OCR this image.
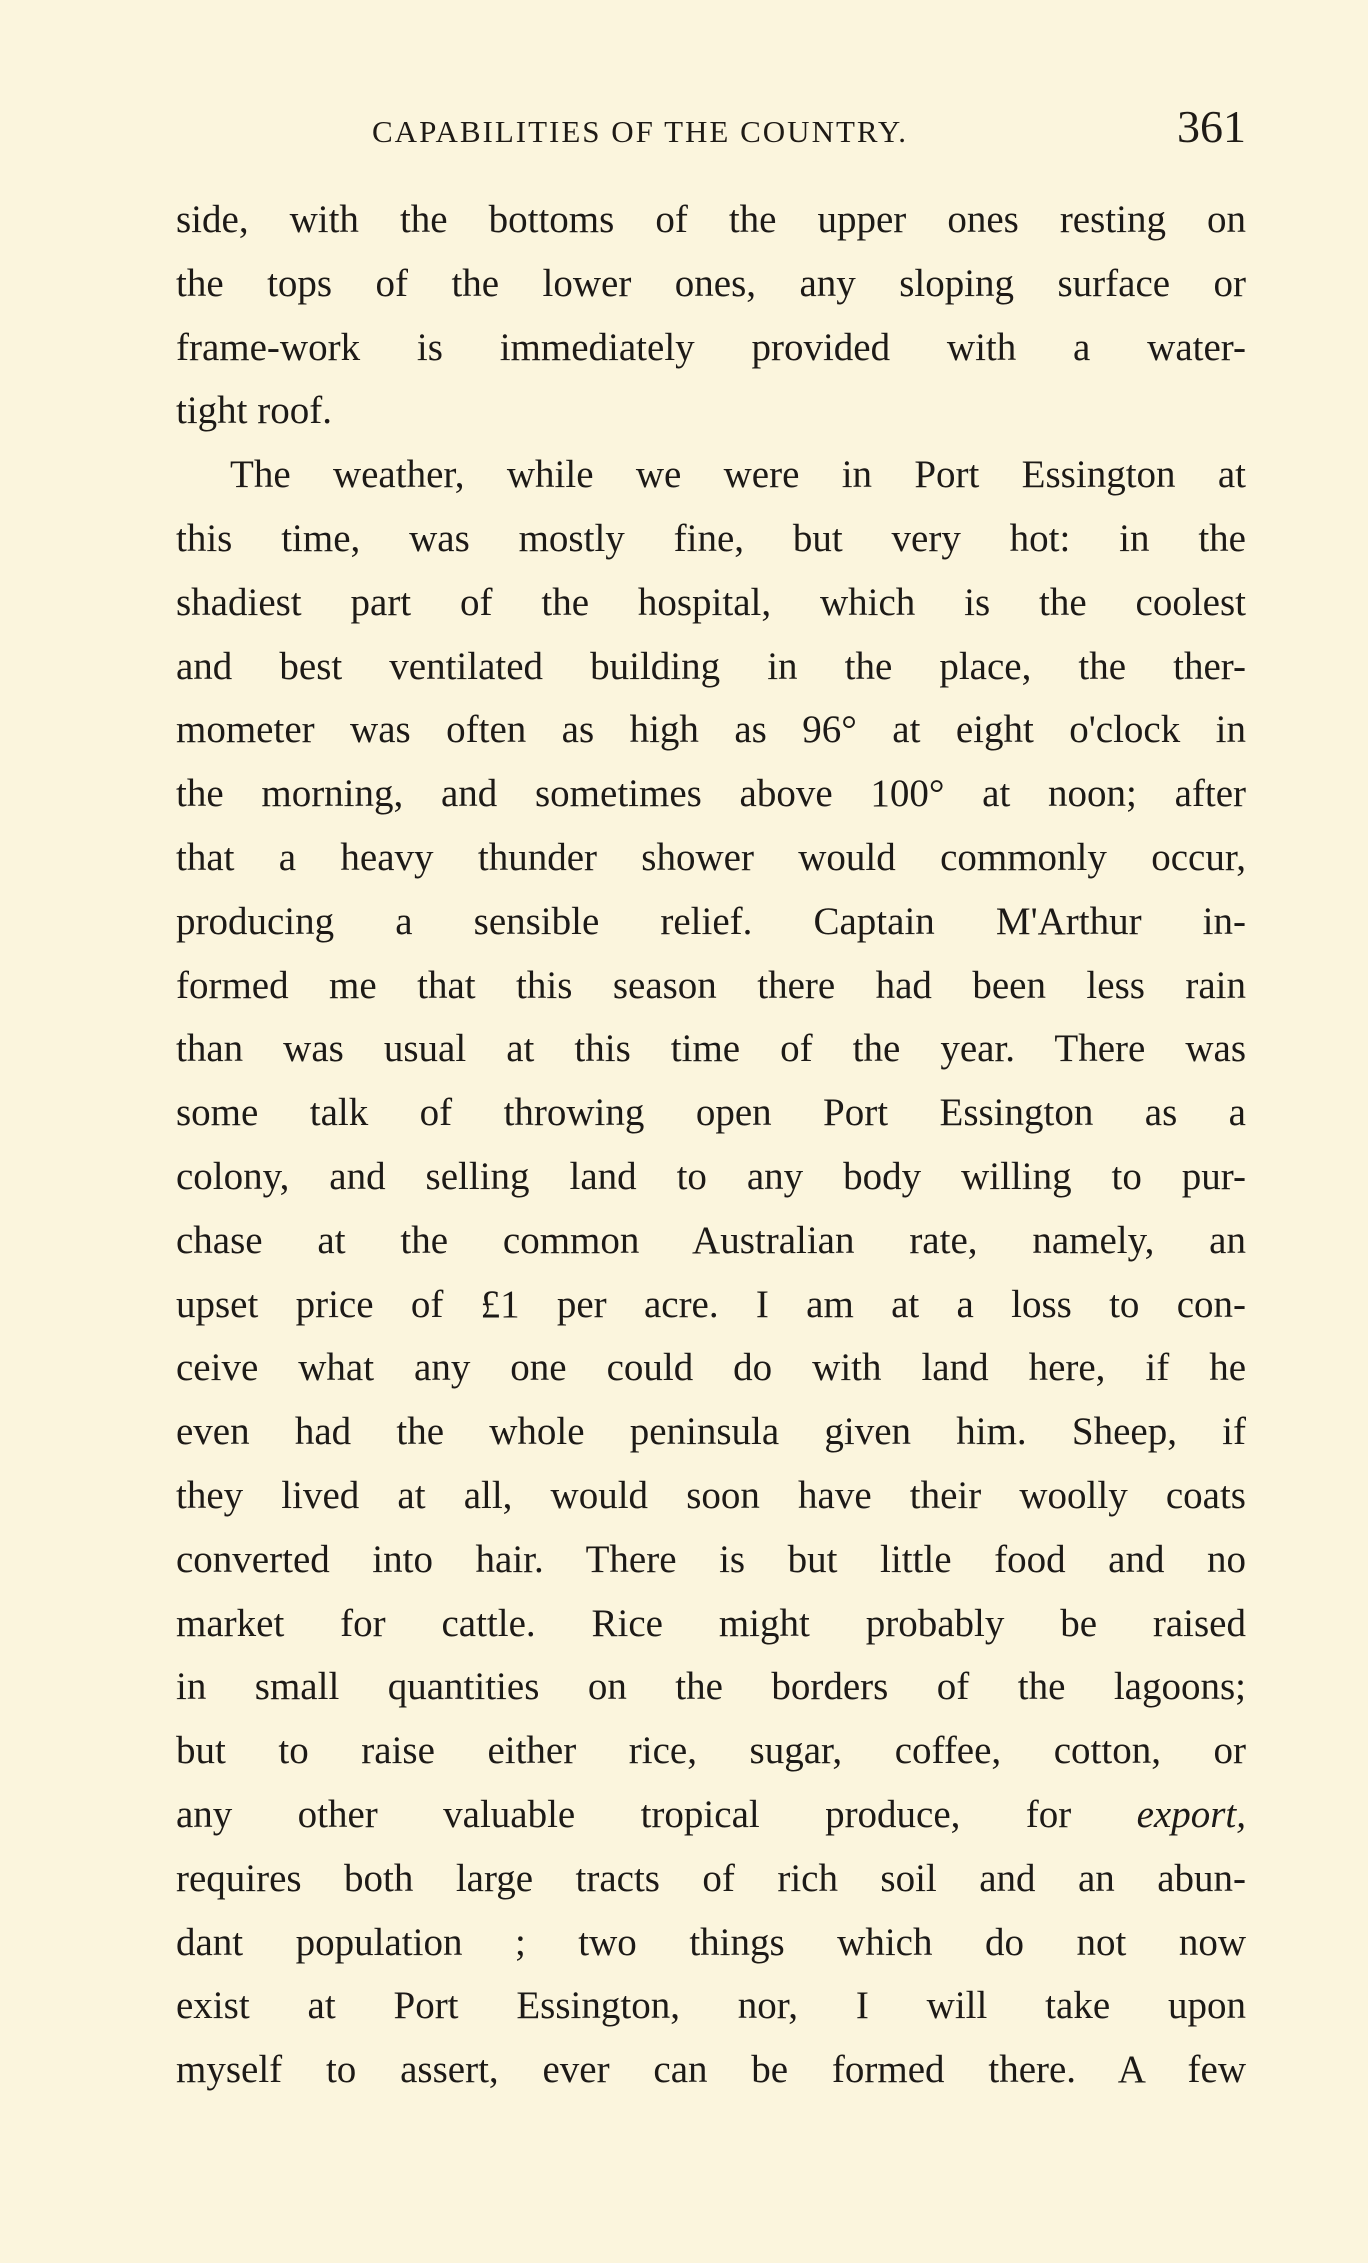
CAPABILITIES OF THE COUNTRY.	361
side, with the bottoms of the upper ones resting on
the tops of the lower ones, any sloping surface or
frame-work is immediately provided with a water-
tight roof.
The weather, while we were in Port Essington at
this time, was mostly fine, but very hot: in the
shadiest part of the hospital, which is the coolest
and best ventilated building in the place, the ther-
mometer was often as high as 96° at eight o'clock in
the morning, and sometimes above 100° at noon; after
that a heavy thunder shower would commonly occur,
producing a sensible relief. Captain M'Arthur in-
formed me that this season there had been less rain
than was usual at this time of the year. There was
some talk of throwing open Port Essington as a
colony, and selling land to any body willing to pur-
chase at the common Australian rate, namely, an
upset price of £1 per acre. I am at a loss to con-
ceive what any one could do with land here, if he
even had the whole peninsula given him. Sheep, if
they lived at all, would soon have their woolly coats
converted into hair. There is but little food and no
market for cattle. Rice might probably be raised
in small quantities on the borders of the lagoons;
but to raise either rice, sugar, coffee, cotton, or
any other valuable tropical produce, for export,
requires both large tracts of rich soil and an abun-
dant population ; two things which do not now
exist at Port Essington, nor, I will take upon
myself to assert, ever can be formed there. A few
